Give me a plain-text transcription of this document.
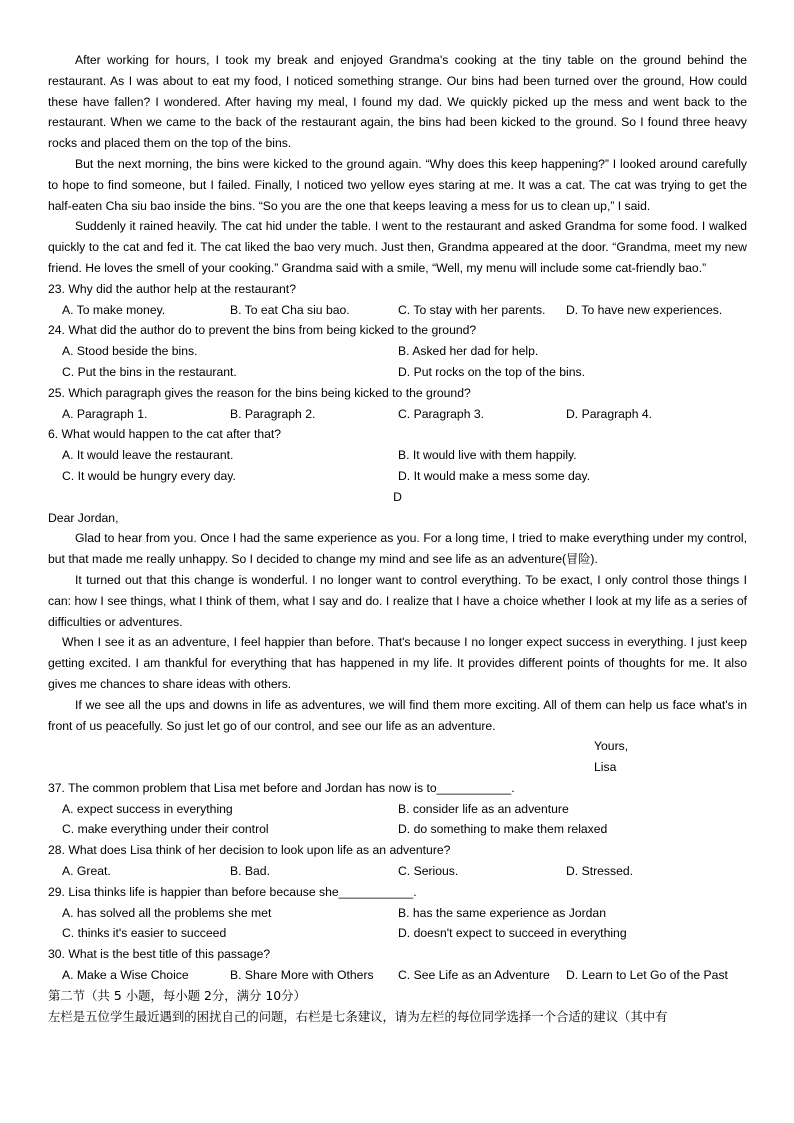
After working for hours, I took my break and enjoyed Grandma's cooking at the tiny table on the ground behind the restaurant. As I was about to eat my food, I noticed something strange. Our bins had been turned over the ground, How could these have fallen? I wondered. After having my meal, I found my dad. We quickly picked up the mess and went back to the restaurant. When we came to the back of the restaurant again, the bins had been kicked to the ground. So I found three heavy rocks and placed them on the top of the bins.

But the next morning, the bins were kicked to the ground again. “Why does this keep happening?” I looked around carefully to hope to find someone, but I failed. Finally, I noticed two yellow eyes staring at me. It was a cat. The cat was trying to get the half-eaten Cha siu bao inside the bins. “So you are the one that keeps leaving a mess for us to clean up,” I said.

Suddenly it rained heavily. The cat hid under the table. I went to the restaurant and asked Grandma for some food. I walked quickly to the cat and fed it. The cat liked the bao very much. Just then, Grandma appeared at the door. “Grandma, meet my new friend. He loves the smell of your cooking.” Grandma said with a smile, “Well, my menu will include some cat-friendly bao.”

23. Why did the author help at the restaurant?

A. To make money.	B. To eat Cha siu bao.	C. To stay with her parents.	D. To have new experiences.

24. What did the author do to prevent the bins from being kicked to the ground?

A. Stood beside the bins.	B. Asked her dad for help.
C. Put the bins in the restaurant.	D. Put rocks on the top of the bins.

25. Which paragraph gives the reason for the bins being kicked to the ground?

A. Paragraph 1.	B. Paragraph 2.	C. Paragraph 3.	D. Paragraph 4.

6. What would happen to the cat after that?

A. It would leave the restaurant.	B. It would live with them happily.
C. It would be hungry every day.	D. It would make a mess some day.
D

Dear Jordan,

Glad to hear from you. Once I had the same experience as you. For a long time, I tried to make everything under my control, but that made me really unhappy. So I decided to change my mind and see life as an adventure(冒险).

It turned out that this change is wonderful. I no longer want to control everything. To be exact, I only control those things I can: how I see things, what I think of them, what I say and do. I realize that I have a choice whether I look at my life as a series of difficulties or adventures.

When I see it as an adventure, I feel happier than before. That's because I no longer expect success in everything. I just keep getting excited. I am thankful for everything that has happened in my life. It provides different points of thoughts for me. It also gives me chances to share ideas with others.

If we see all the ups and downs in life as adventures, we will find them more exciting. All of them can help us face what's in front of us peacefully. So just let go of our control, and see our life as an adventure.

Yours,
Lisa

37. The common problem that Lisa met before and Jordan has now is to___________.

A. expect success in everything	B. consider life as an adventure
C. make everything under their control	D. do something to make them relaxed

28. What does Lisa think of her decision to look upon life as an adventure?

A. Great.	B. Bad.	C. Serious.	D. Stressed.

29. Lisa thinks life is happier than before because she___________.

A. has solved all the problems she met	B. has the same experience as Jordan
C. thinks it's easier to succeed	D. doesn't expect to succeed in everything

30. What is the best title of this passage?

A. Make a Wise Choice	B. Share More with Others	C. See Life as an Adventure	D. Learn to Let Go of the Past

第二节（共 5 小题，每小题 2分，满分 10分）

左栏是五位学生最近遇到的困扰自己的问题，右栏是七条建议，请为左栏的每位同学选择一个合适的建议（其中有
